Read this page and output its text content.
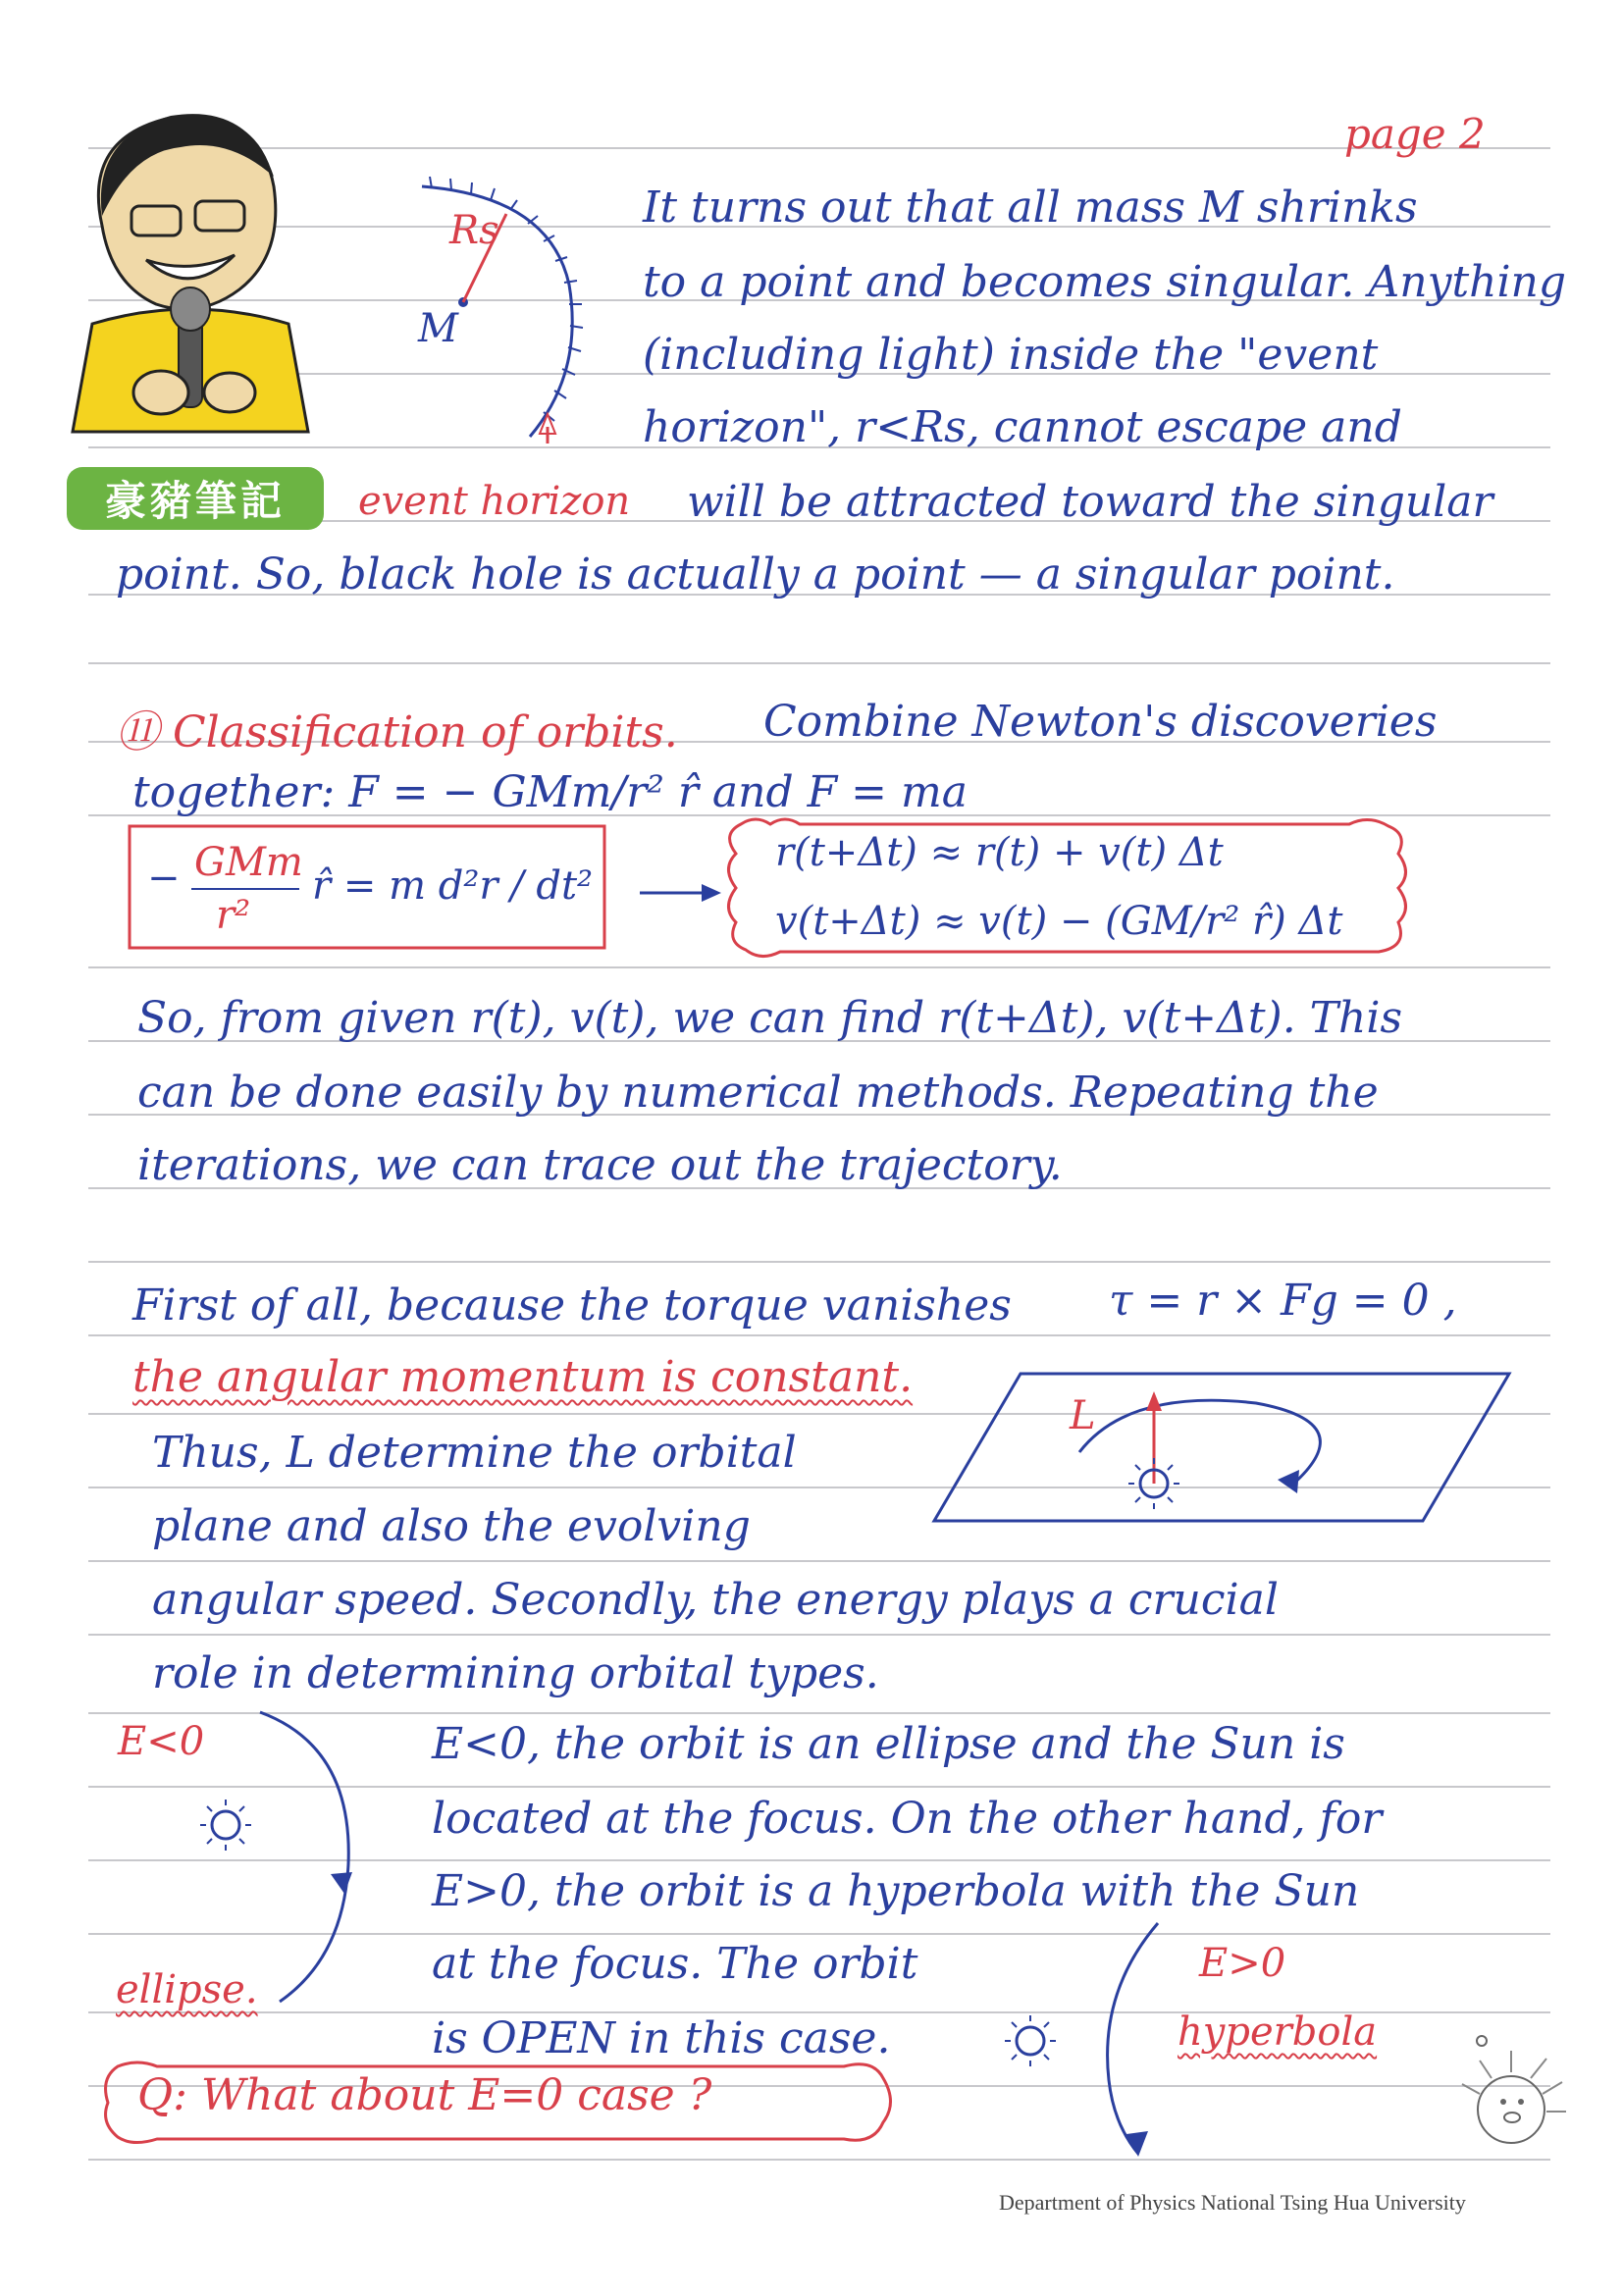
page 2
豪豬筆記
Rs
M
event horizon
It turns out that all mass M shrinks
to a point and becomes singular. Anything
(including light) inside the "event
horizon", r<Rs, cannot escape and
will be attracted toward the singular
point. So, black hole is actually a point — a singular point.
⑪ Classification of orbits. Combine Newton's discoveries
together: F = − GMm/r² r̂ and F = ma
− GMm
r²
r̂ = m d²r / dt²
r(t+Δt) ≈ r(t) + v(t) Δt
v(t+Δt) ≈ v(t) − (GM/r² r̂) Δt
So, from given r(t), v(t), we can find r(t+Δt), v(t+Δt). This
can be done easily by numerical methods. Repeating the
iterations, we can trace out the trajectory.
First of all, because the torque vanishes τ = r × Fg = 0 ,
the angular momentum is constant.
Thus, L determine the orbital
plane and also the evolving
L
angular speed. Secondly, the energy plays a crucial
role in determining orbital types.
E<0
ellipse.
E<0, the orbit is an ellipse and the Sun is
located at the focus. On the other hand, for
E>0, the orbit is a hyperbola with the Sun
at the focus. The orbit
is OPEN in this case.
E>0
hyperbola
Q: What about E=0 case ?
Department of Physics National Tsing Hua University
